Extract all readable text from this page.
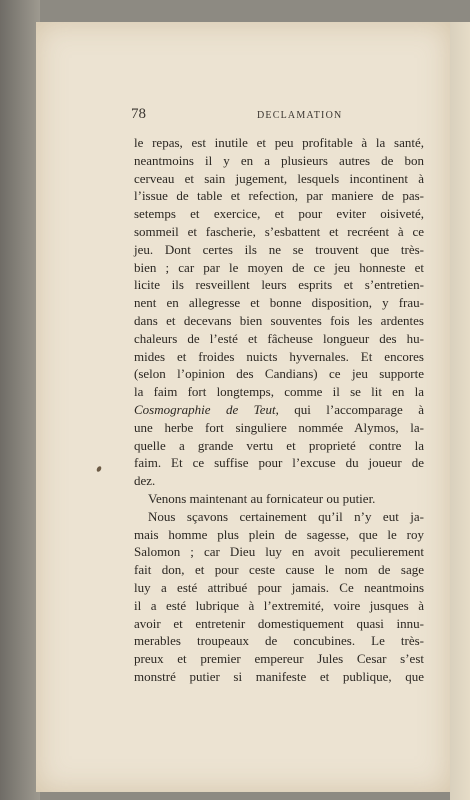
78	DECLAMATION
le repas, est inutile et peu profitable à la santé,
neantmoins il y en a plusieurs autres de bon
cerveau et sain jugement, lesquels incontinent à
l’issue de table et refection, par maniere de pas-
setemps et exercice, et pour eviter oisiveté,
sommeil et fascherie, s’esbattent et recréent à ce
jeu. Dont certes ils ne se trouvent que très-
bien ; car par le moyen de ce jeu honneste et
licite ils resveillent leurs esprits et s’entretien-
nent en allegresse et bonne disposition, y frau-
dans et decevans bien souventes fois les ardentes
chaleurs de l’esté et fâcheuse longueur des hu-
mides et froides nuicts hyvernales. Et encores
(selon l’opinion des Candians) ce jeu supporte
la faim fort longtemps, comme il se lit en la
Cosmographie de Teut, qui l’accomparage à
une herbe fort singuliere nommée Alymos, la-
quelle a grande vertu et proprieté contre la
faim. Et ce suffise pour l’excuse du joueur de
dez.
Venons maintenant au fornicateur ou putier.
Nous sçavons certainement qu’il n’y eut ja-
mais homme plus plein de sagesse, que le roy
Salomon ; car Dieu luy en avoit peculierement
fait don, et pour ceste cause le nom de sage
luy a esté attribué pour jamais. Ce neantmoins
il a esté lubrique à l’extremité, voire jusques à
avoir et entretenir domestiquement quasi innu-
merables troupeaux de concubines. Le très-
preux et premier empereur Jules Cesar s’est
monstré putier si manifeste et publique, que
